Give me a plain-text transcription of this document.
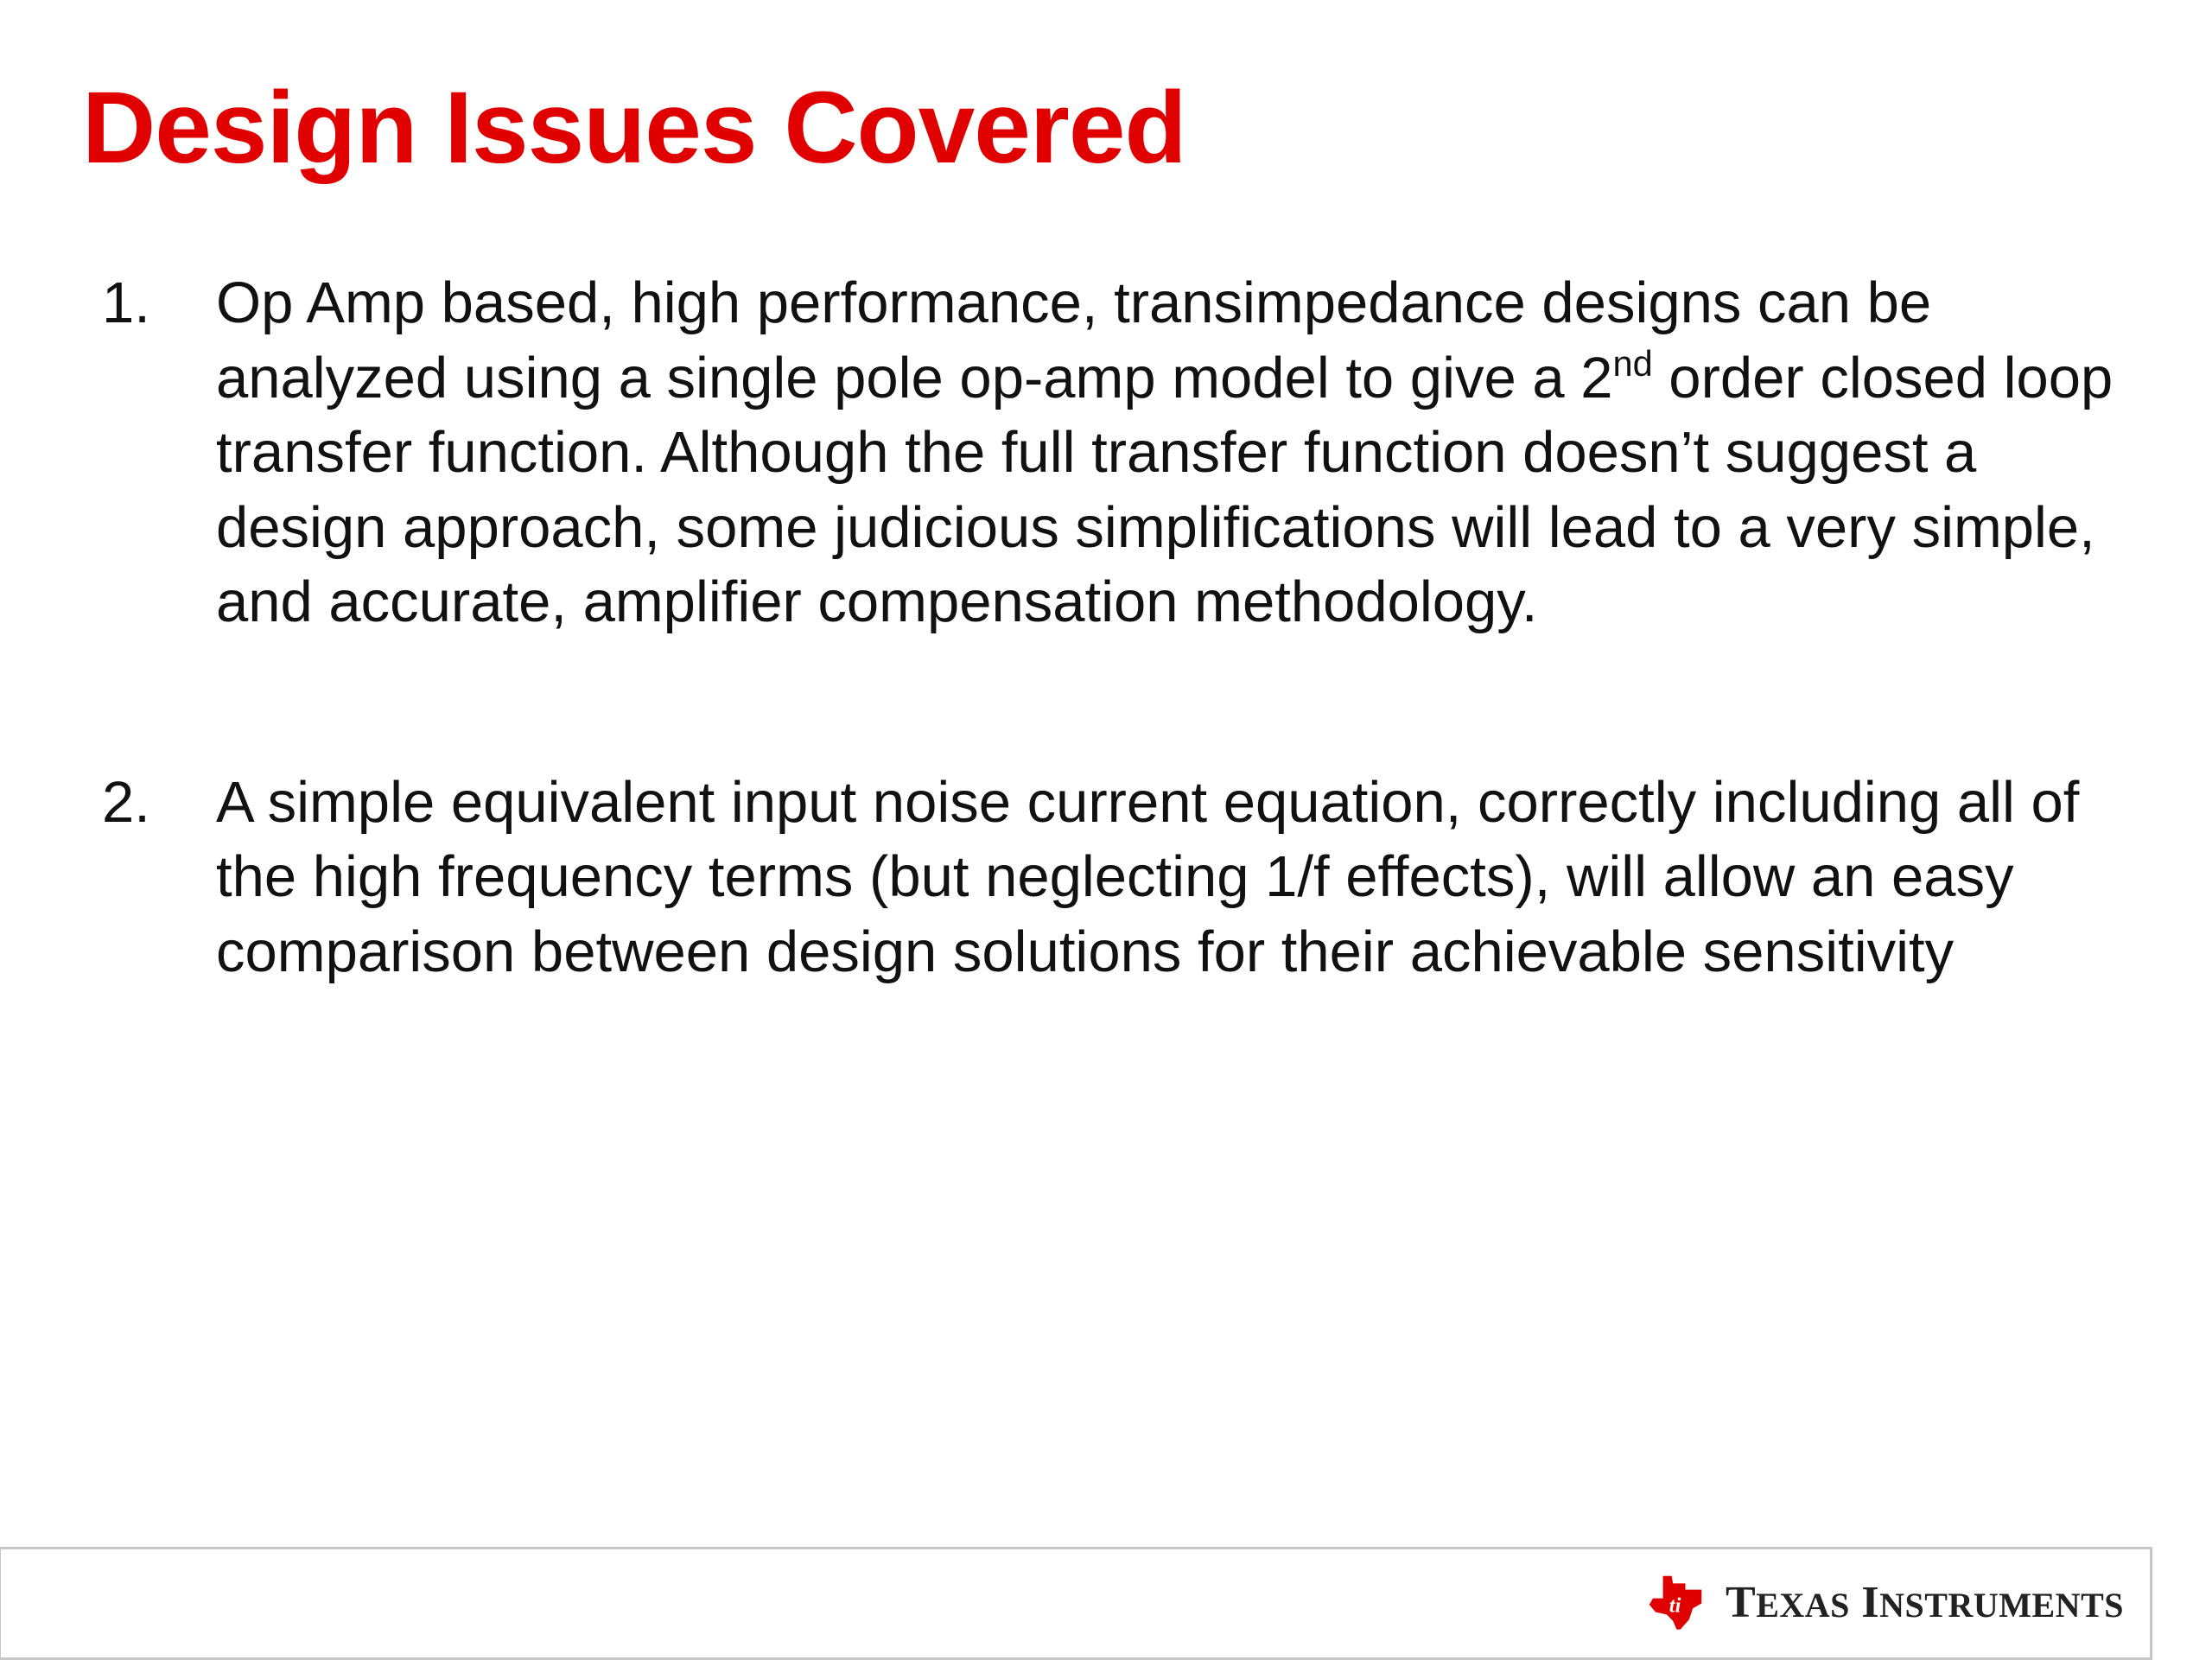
Design Issues Covered
1. Op Amp based, high performance, transimpedance designs can be analyzed using a single pole op-amp model to give a 2nd order closed loop transfer function. Although the full transfer function doesn’t suggest a design approach, some judicious simplifications will lead to a very simple, and accurate, amplifier compensation methodology.
2. A simple equivalent input noise current equation, correctly including all of the high frequency terms (but neglecting 1/f effects), will allow an easy comparison between design solutions for their achievable sensitivity
ti TEXAS INSTRUMENTS
